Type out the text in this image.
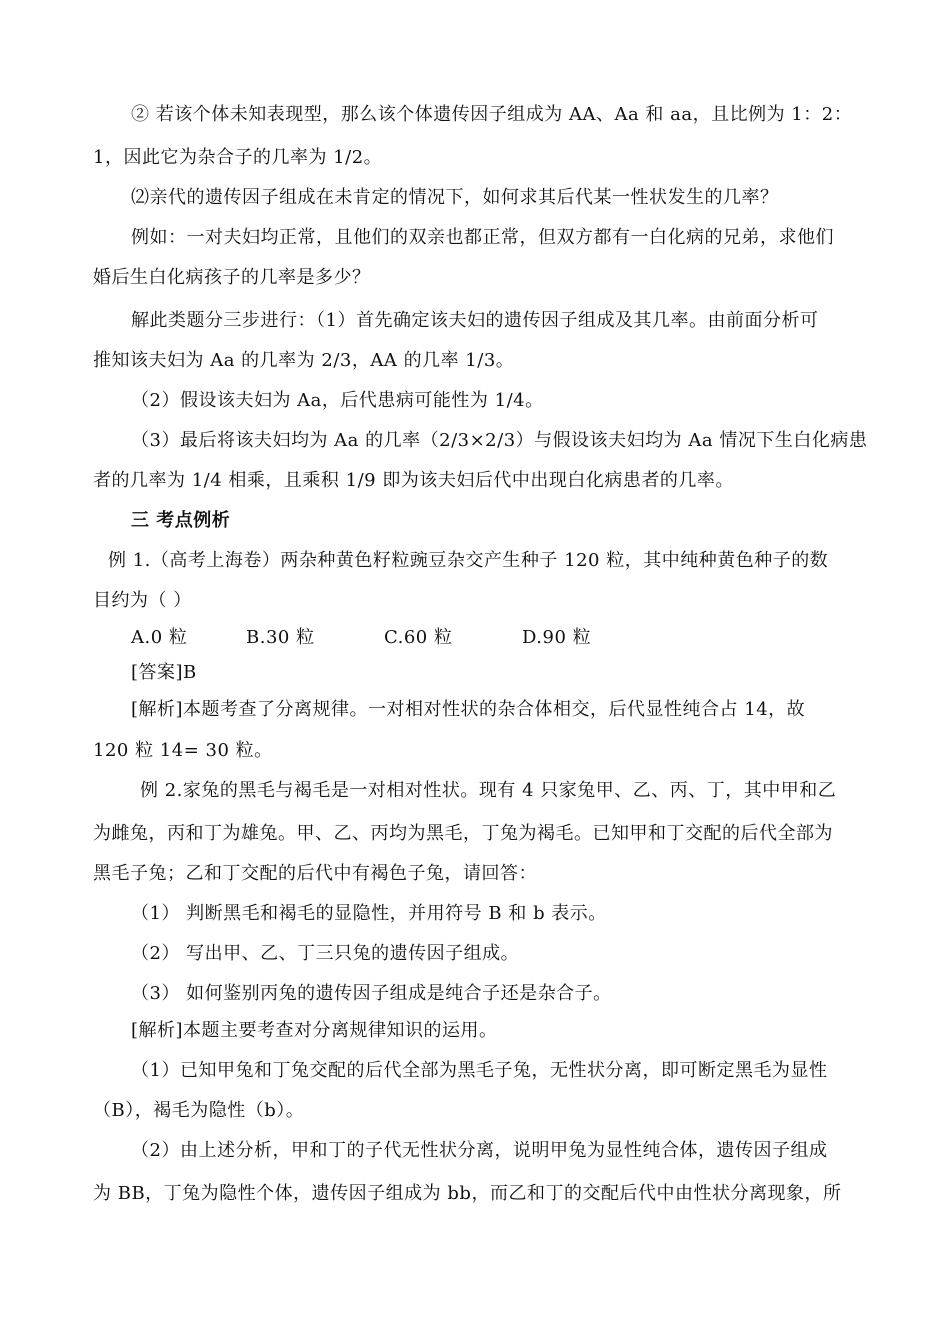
② 若该个体未知表现型，那么该个体遗传因子组成为 AA、Aa 和 aa，且比例为 1：2：
1，因此它为杂合子的几率为 1/2。
⑵亲代的遗传因子组成在未肯定的情况下，如何求其后代某一性状发生的几率？
例如：一对夫妇均正常，且他们的双亲也都正常，但双方都有一白化病的兄弟，求他们
婚后生白化病孩子的几率是多少？
解此类题分三步进行：（1）首先确定该夫妇的遗传因子组成及其几率。由前面分析可
推知该夫妇为 Aa 的几率为 2/3，AA 的几率 1/3。
（2）假设该夫妇为 Aa，后代患病可能性为 1/4。
（3）最后将该夫妇均为 Aa 的几率（2/3×2/3）与假设该夫妇均为 Aa 情况下生白化病患
者的几率为 1/4 相乘，且乘积 1/9 即为该夫妇后代中出现白化病患者的几率。
三 考点例析
例 1.（高考上海卷）两杂种黄色籽粒豌豆杂交产生种子 120 粒，其中纯种黄色种子的数
目约为（ ）
A.0 粒	B.30 粒	C.60 粒	D.90 粒
[答案]B
[解析]本题考查了分离规律。一对相对性状的杂合体相交，后代显性纯合占 14，故
120 粒 14= 30 粒。
例 2.家兔的黑毛与褐毛是一对相对性状。现有 4 只家兔甲、乙、丙、丁，其中甲和乙
为雌兔，丙和丁为雄兔。甲、乙、丙均为黑毛，丁兔为褐毛。已知甲和丁交配的后代全部为
黑毛子兔；乙和丁交配的后代中有褐色子兔，请回答：
（1） 判断黑毛和褐毛的显隐性，并用符号 B 和 b 表示。
（2） 写出甲、乙、丁三只兔的遗传因子组成。
（3） 如何鉴别丙兔的遗传因子组成是纯合子还是杂合子。
[解析]本题主要考查对分离规律知识的运用。
（1）已知甲兔和丁兔交配的后代全部为黑毛子兔，无性状分离，即可断定黑毛为显性
（B），褐毛为隐性（b）。
（2）由上述分析，甲和丁的子代无性状分离，说明甲兔为显性纯合体，遗传因子组成
为 BB，丁兔为隐性个体，遗传因子组成为 bb，而乙和丁的交配后代中由性状分离现象，所
